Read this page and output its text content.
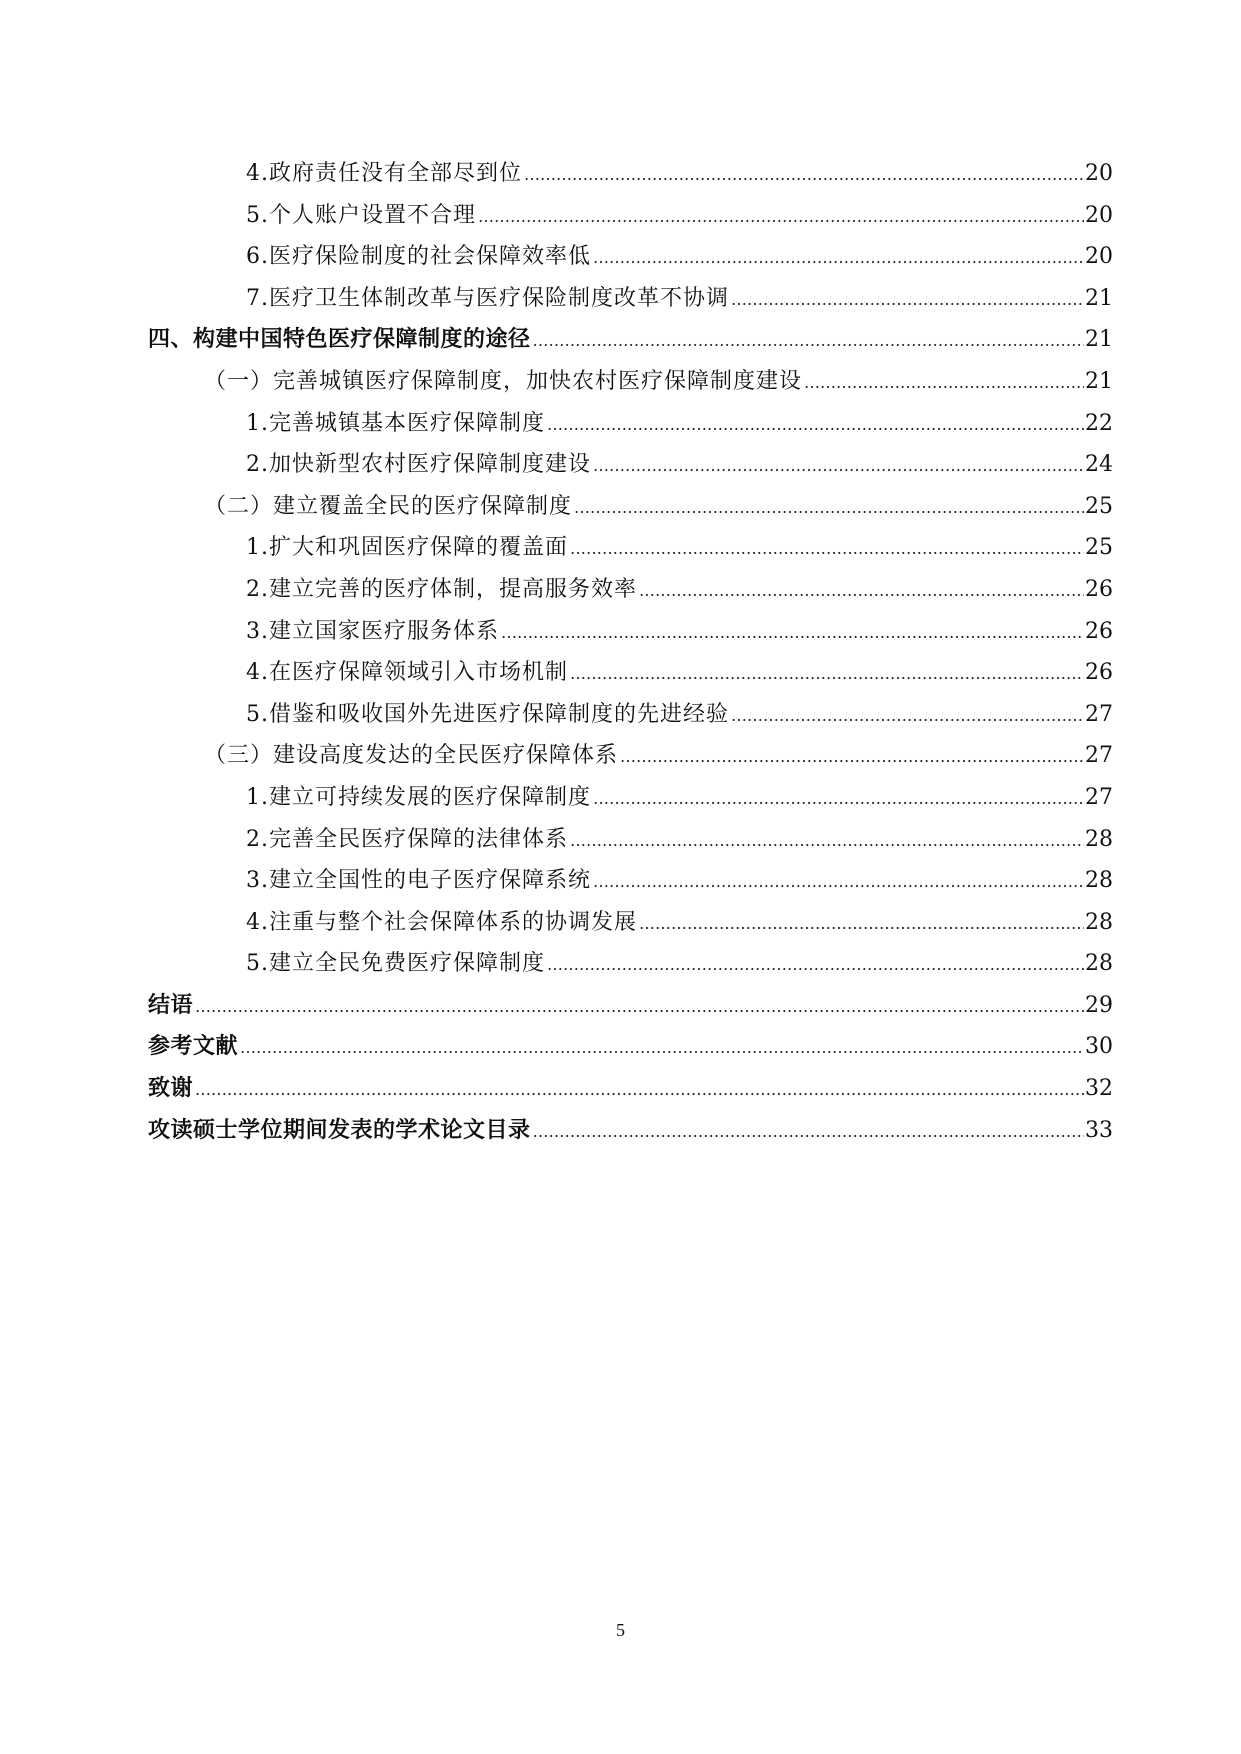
4.政府责任没有全部尽到位 …………………………………………………………………………………………………………………………………………………………………………………………………………………………………………………………………………	20
5.个人账户设置不合理 …………………………………………………………………………………………………………………………………………………………………………………………………………………………………………………………………………	20
6.医疗保险制度的社会保障效率低 …………………………………………………………………………………………………………………………………………………………………………………………………………………………………………………………………………	20
7.医疗卫生体制改革与医疗保险制度改革不协调 …………………………………………………………………………………………………………………………………………………………………………………………………………………………………………………………………………	21
四、构建中国特色医疗保障制度的途径 …………………………………………………………………………………………………………………………………………………………………………………………………………………………………………………………………………	21
（一）完善城镇医疗保障制度，加快农村医疗保障制度建设 …………………………………………………………………………………………………………………………………………………………………………………………………………………………………………………………………………	21
1.完善城镇基本医疗保障制度 …………………………………………………………………………………………………………………………………………………………………………………………………………………………………………………………………………	22
2.加快新型农村医疗保障制度建设 …………………………………………………………………………………………………………………………………………………………………………………………………………………………………………………………………………	24
（二）建立覆盖全民的医疗保障制度 …………………………………………………………………………………………………………………………………………………………………………………………………………………………………………………………………………	25
1.扩大和巩固医疗保障的覆盖面 …………………………………………………………………………………………………………………………………………………………………………………………………………………………………………………………………………	25
2.建立完善的医疗体制，提高服务效率 …………………………………………………………………………………………………………………………………………………………………………………………………………………………………………………………………………	26
3.建立国家医疗服务体系 …………………………………………………………………………………………………………………………………………………………………………………………………………………………………………………………………………	26
4.在医疗保障领域引入市场机制 …………………………………………………………………………………………………………………………………………………………………………………………………………………………………………………………………………	26
5.借鉴和吸收国外先进医疗保障制度的先进经验 …………………………………………………………………………………………………………………………………………………………………………………………………………………………………………………………………………	27
（三）建设高度发达的全民医疗保障体系 …………………………………………………………………………………………………………………………………………………………………………………………………………………………………………………………………………	27
1.建立可持续发展的医疗保障制度 …………………………………………………………………………………………………………………………………………………………………………………………………………………………………………………………………………	27
2.完善全民医疗保障的法律体系 …………………………………………………………………………………………………………………………………………………………………………………………………………………………………………………………………………	28
3.建立全国性的电子医疗保障系统 …………………………………………………………………………………………………………………………………………………………………………………………………………………………………………………………………………	28
4.注重与整个社会保障体系的协调发展 …………………………………………………………………………………………………………………………………………………………………………………………………………………………………………………………………………	28
5.建立全民免费医疗保障制度 …………………………………………………………………………………………………………………………………………………………………………………………………………………………………………………………………………	28
结语 …………………………………………………………………………………………………………………………………………………………………………………………………………………………………………………………………………	29
参考文献 …………………………………………………………………………………………………………………………………………………………………………………………………………………………………………………………………………	30
致谢 …………………………………………………………………………………………………………………………………………………………………………………………………………………………………………………………………………	32
攻读硕士学位期间发表的学术论文目录 …………………………………………………………………………………………………………………………………………………………………………………………………………………………………………………………………………	33
5
